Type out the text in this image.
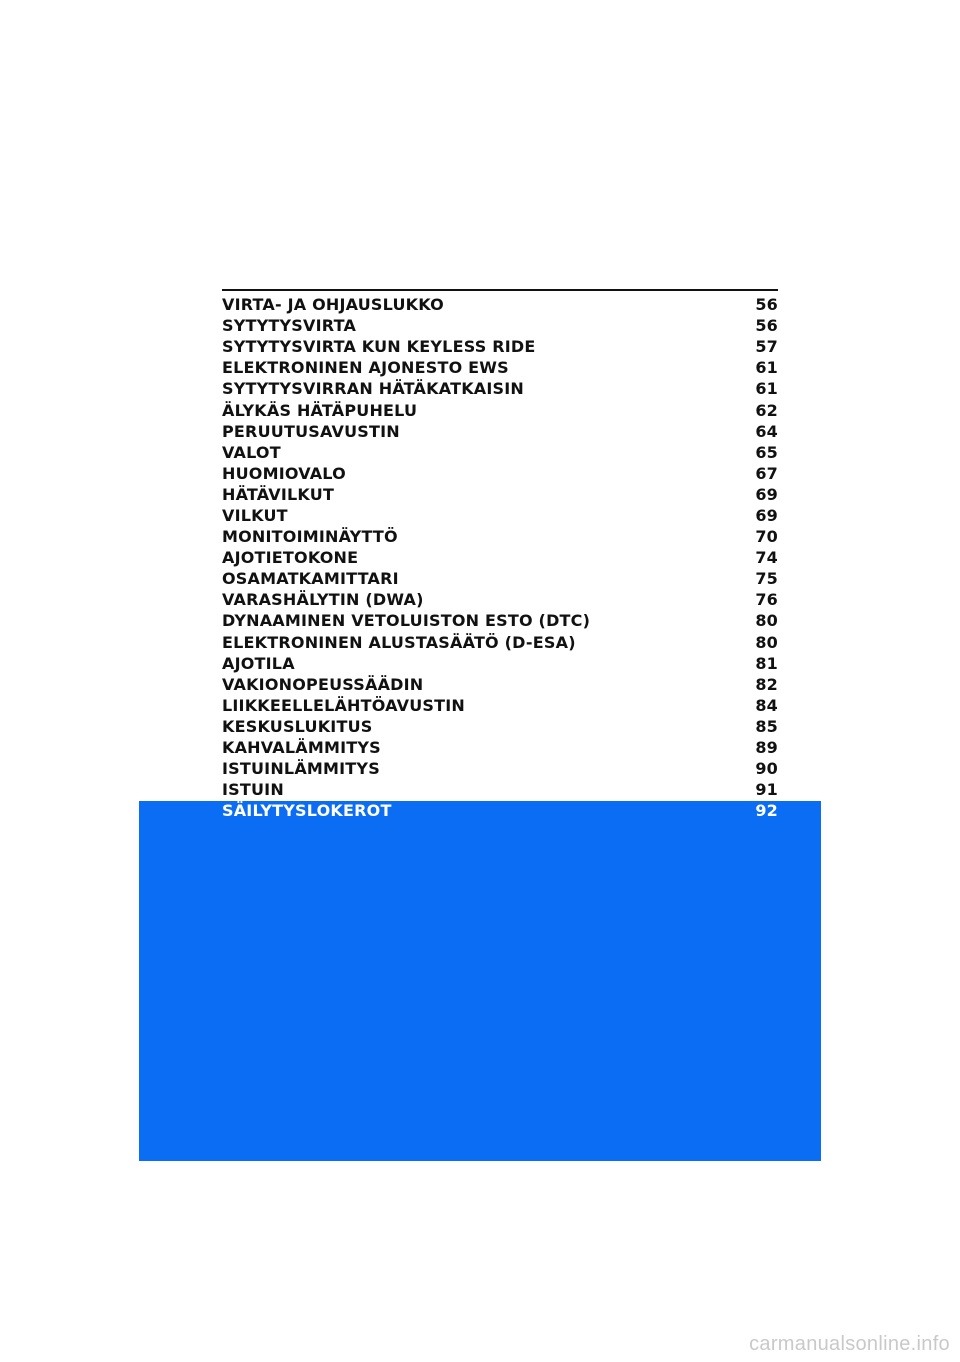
VIRTA- JA OHJAUSLUKKO	56
SYTYTYSVIRTA	56
SYTYTYSVIRTA KUN KEYLESS RIDE	57
ELEKTRONINEN AJONESTO EWS	61
SYTYTYSVIRRAN HÄTÄKATKAISIN	61
ÄLYKÄS HÄTÄPUHELU	62
PERUUTUSAVUSTIN	64
VALOT	65
HUOMIOVALO	67
HÄTÄVILKUT	69
VILKUT	69
MONITOIMINÄYTTÖ	70
AJOTIETOKONE	74
OSAMATKAMITTARI	75
VARASHÄLYTIN (DWA)	76
DYNAAMINEN VETOLUISTON ESTO (DTC)	80
ELEKTRONINEN ALUSTASÄÄTÖ (D-ESA)	80
AJOTILA	81
VAKIONOPEUSSÄÄDIN	82
LIIKKEELLELÄHTÖAVUSTIN	84
KESKUSLUKITUS	85
KAHVALÄMMITYS	89
ISTUINLÄMMITYS	90
ISTUIN	91
SÄILYTYSLOKEROT	92
carmanualsonline.info
